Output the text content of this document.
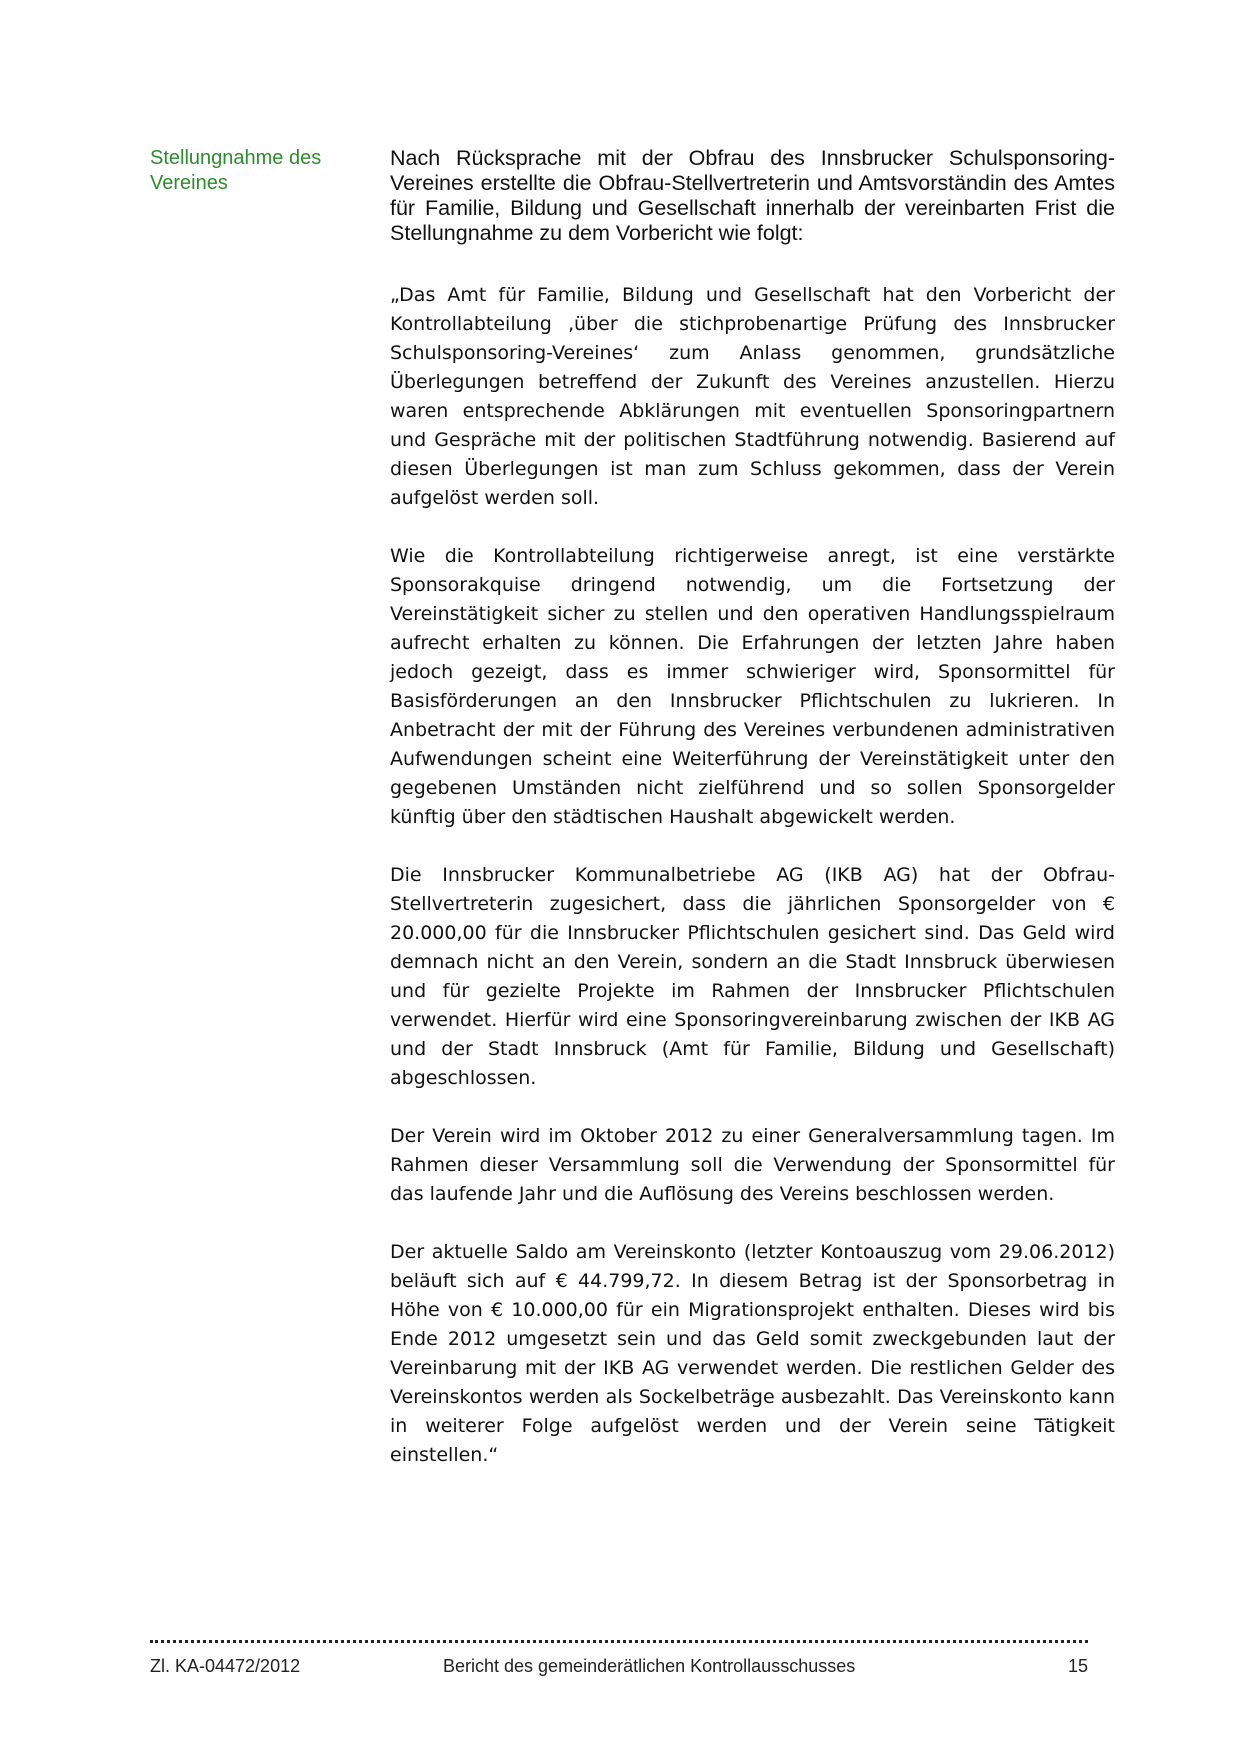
Stellungnahme des Vereines
Nach Rücksprache mit der Obfrau des Innsbrucker Schulsponsoring-Vereines erstellte die Obfrau-Stellvertreterin und Amtsvorständin des Amtes für Familie, Bildung und Gesellschaft innerhalb der vereinbarten Frist die Stellungnahme zu dem Vorbericht wie folgt:

„Das Amt für Familie, Bildung und Gesellschaft hat den Vorbericht der Kontrollabteilung ‚über die stichprobenartige Prüfung des Innsbrucker Schulsponsoring-Vereines‘ zum Anlass genommen, grundsätzliche Überlegungen betreffend der Zukunft des Vereines anzustellen. Hierzu waren entsprechende Abklärungen mit eventuellen Sponsoringpartnern und Gespräche mit der politischen Stadtführung notwendig. Basierend auf diesen Überlegungen ist man zum Schluss gekommen, dass der Verein aufgelöst werden soll.

Wie die Kontrollabteilung richtigerweise anregt, ist eine verstärkte Sponsorakquise dringend notwendig, um die Fortsetzung der Vereinstätigkeit sicher zu stellen und den operativen Handlungsspielraum aufrecht erhalten zu können. Die Erfahrungen der letzten Jahre haben jedoch gezeigt, dass es immer schwieriger wird, Sponsormittel für Basisförderungen an den Innsbrucker Pflichtschulen zu lukrieren. In Anbetracht der mit der Führung des Vereines verbundenen administrativen Aufwendungen scheint eine Weiterführung der Vereinstätigkeit unter den gegebenen Umständen nicht zielführend und so sollen Sponsorgelder künftig über den städtischen Haushalt abgewickelt werden.

Die Innsbrucker Kommunalbetriebe AG (IKB AG) hat der Obfrau-Stellvertreterin zugesichert, dass die jährlichen Sponsorgelder von € 20.000,00 für die Innsbrucker Pflichtschulen gesichert sind. Das Geld wird demnach nicht an den Verein, sondern an die Stadt Innsbruck überwiesen und für gezielte Projekte im Rahmen der Innsbrucker Pflichtschulen verwendet. Hierfür wird eine Sponsoringvereinbarung zwischen der IKB AG und der Stadt Innsbruck (Amt für Familie, Bildung und Gesellschaft) abgeschlossen.

Der Verein wird im Oktober 2012 zu einer Generalversammlung tagen. Im Rahmen dieser Versammlung soll die Verwendung der Sponsormittel für das laufende Jahr und die Auflösung des Vereins beschlossen werden.

Der aktuelle Saldo am Vereinskonto (letzter Kontoauszug vom 29.06.2012) beläuft sich auf € 44.799,72. In diesem Betrag ist der Sponsorbetrag in Höhe von € 10.000,00 für ein Migrationsprojekt enthalten. Dieses wird bis Ende 2012 umgesetzt sein und das Geld somit zweckgebunden laut der Vereinbarung mit der IKB AG verwendet werden. Die restlichen Gelder des Vereinskontos werden als Sockelbeträge ausbezahlt. Das Vereinskonto kann in weiterer Folge aufgelöst werden und der Verein seine Tätigkeit einstellen.“

Zl. KA-04472/2012	Bericht des gemeinderätlichen Kontrollausschusses	15
